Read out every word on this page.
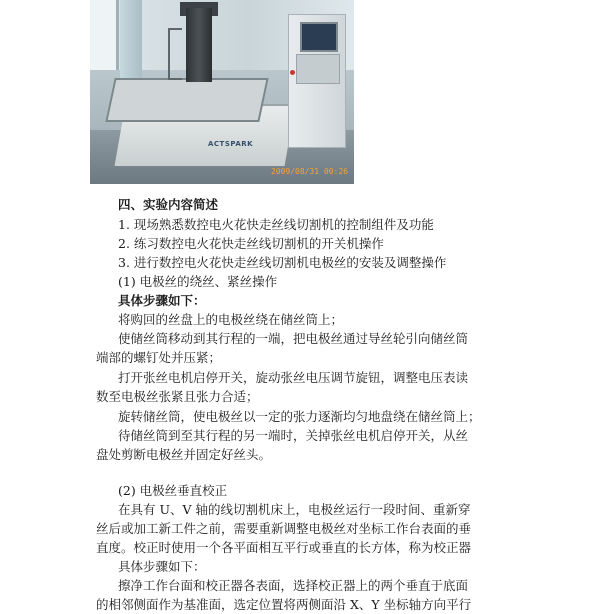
ACTSPARK
2009/08/31 00:26
四、实验内容简述
1. 现场熟悉数控电火花快走丝线切割机的控制组件及功能
2. 练习数控电火花快走丝线切割机的开关机操作
3. 进行数控电火花快走丝线切割机电极丝的安装及调整操作
(1) 电极丝的绕丝、紧丝操作
具体步骤如下：
将购回的丝盘上的电极丝绕在储丝筒上；
使储丝筒移动到其行程的一端，把电极丝通过导丝轮引向储丝筒
端部的螺钉处并压紧；
打开张丝电机启停开关，旋动张丝电压调节旋钮，调整电压表读
数至电极丝张紧且张力合适；
旋转储丝筒，使电极丝以一定的张力逐渐均匀地盘绕在储丝筒上；
待储丝筒到至其行程的另一端时，关掉张丝电机启停开关，从丝
盘处剪断电极丝并固定好丝头。
(2) 电极丝垂直校正
在具有 U、V 轴的线切割机床上，电极丝运行一段时间、重新穿
丝后或加工新工件之前，需要重新调整电极丝对坐标工作台表面的垂
直度。校正时使用一个各平面相互平行或垂直的长方体，称为校正器
具体步骤如下：
擦净工作台面和校正器各表面，选择校正器上的两个垂直于底面
的相邻侧面作为基准面，选定位置将两侧面沿 X、Y 坐标轴方向平行
